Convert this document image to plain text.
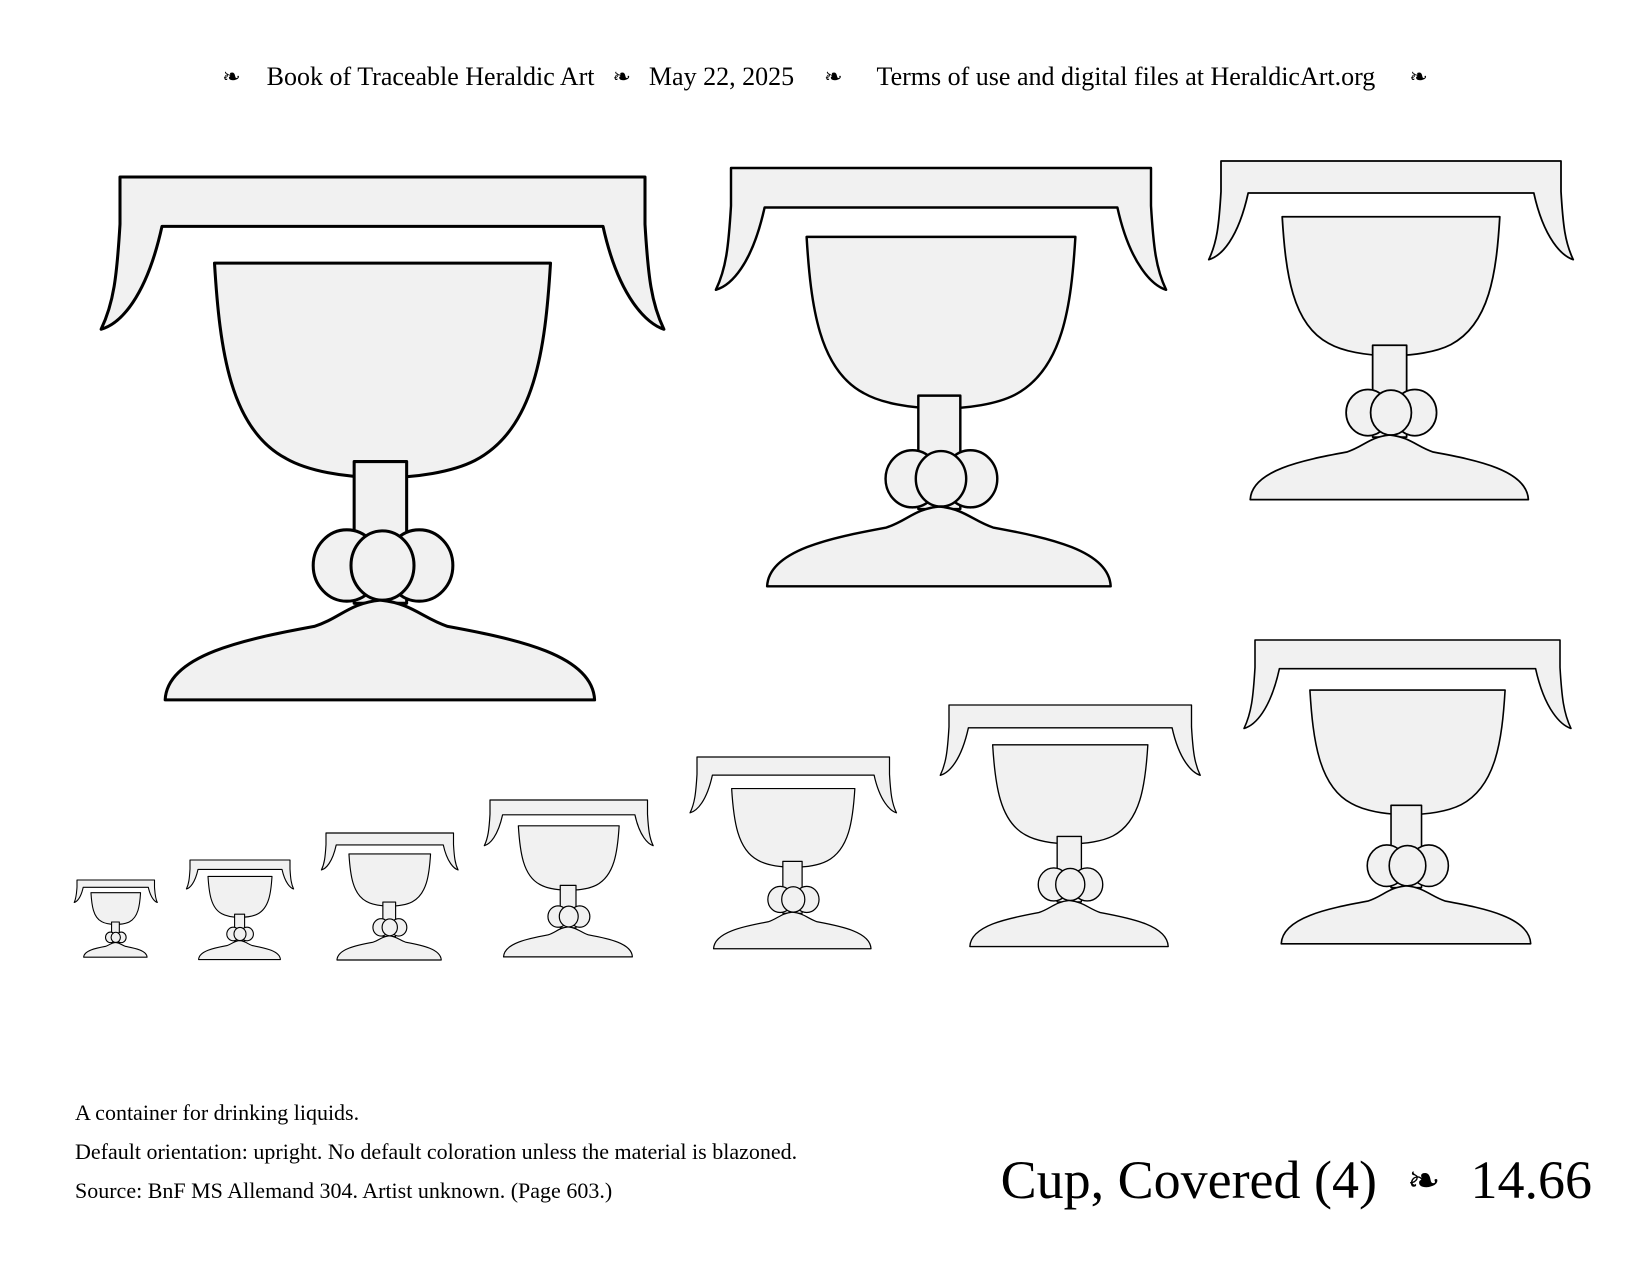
❧ Book of Traceable Heraldic Art ❧ May 22, 2025 ❧ Terms of use and digital files at HeraldicArt.org ❧
A container for drinking liquids.
Default orientation: upright. No default coloration unless the material is blazoned.
Source: BnF MS Allemand 304. Artist unknown. (Page 603.)	Cup, Covered (4) ❧ 14.66
